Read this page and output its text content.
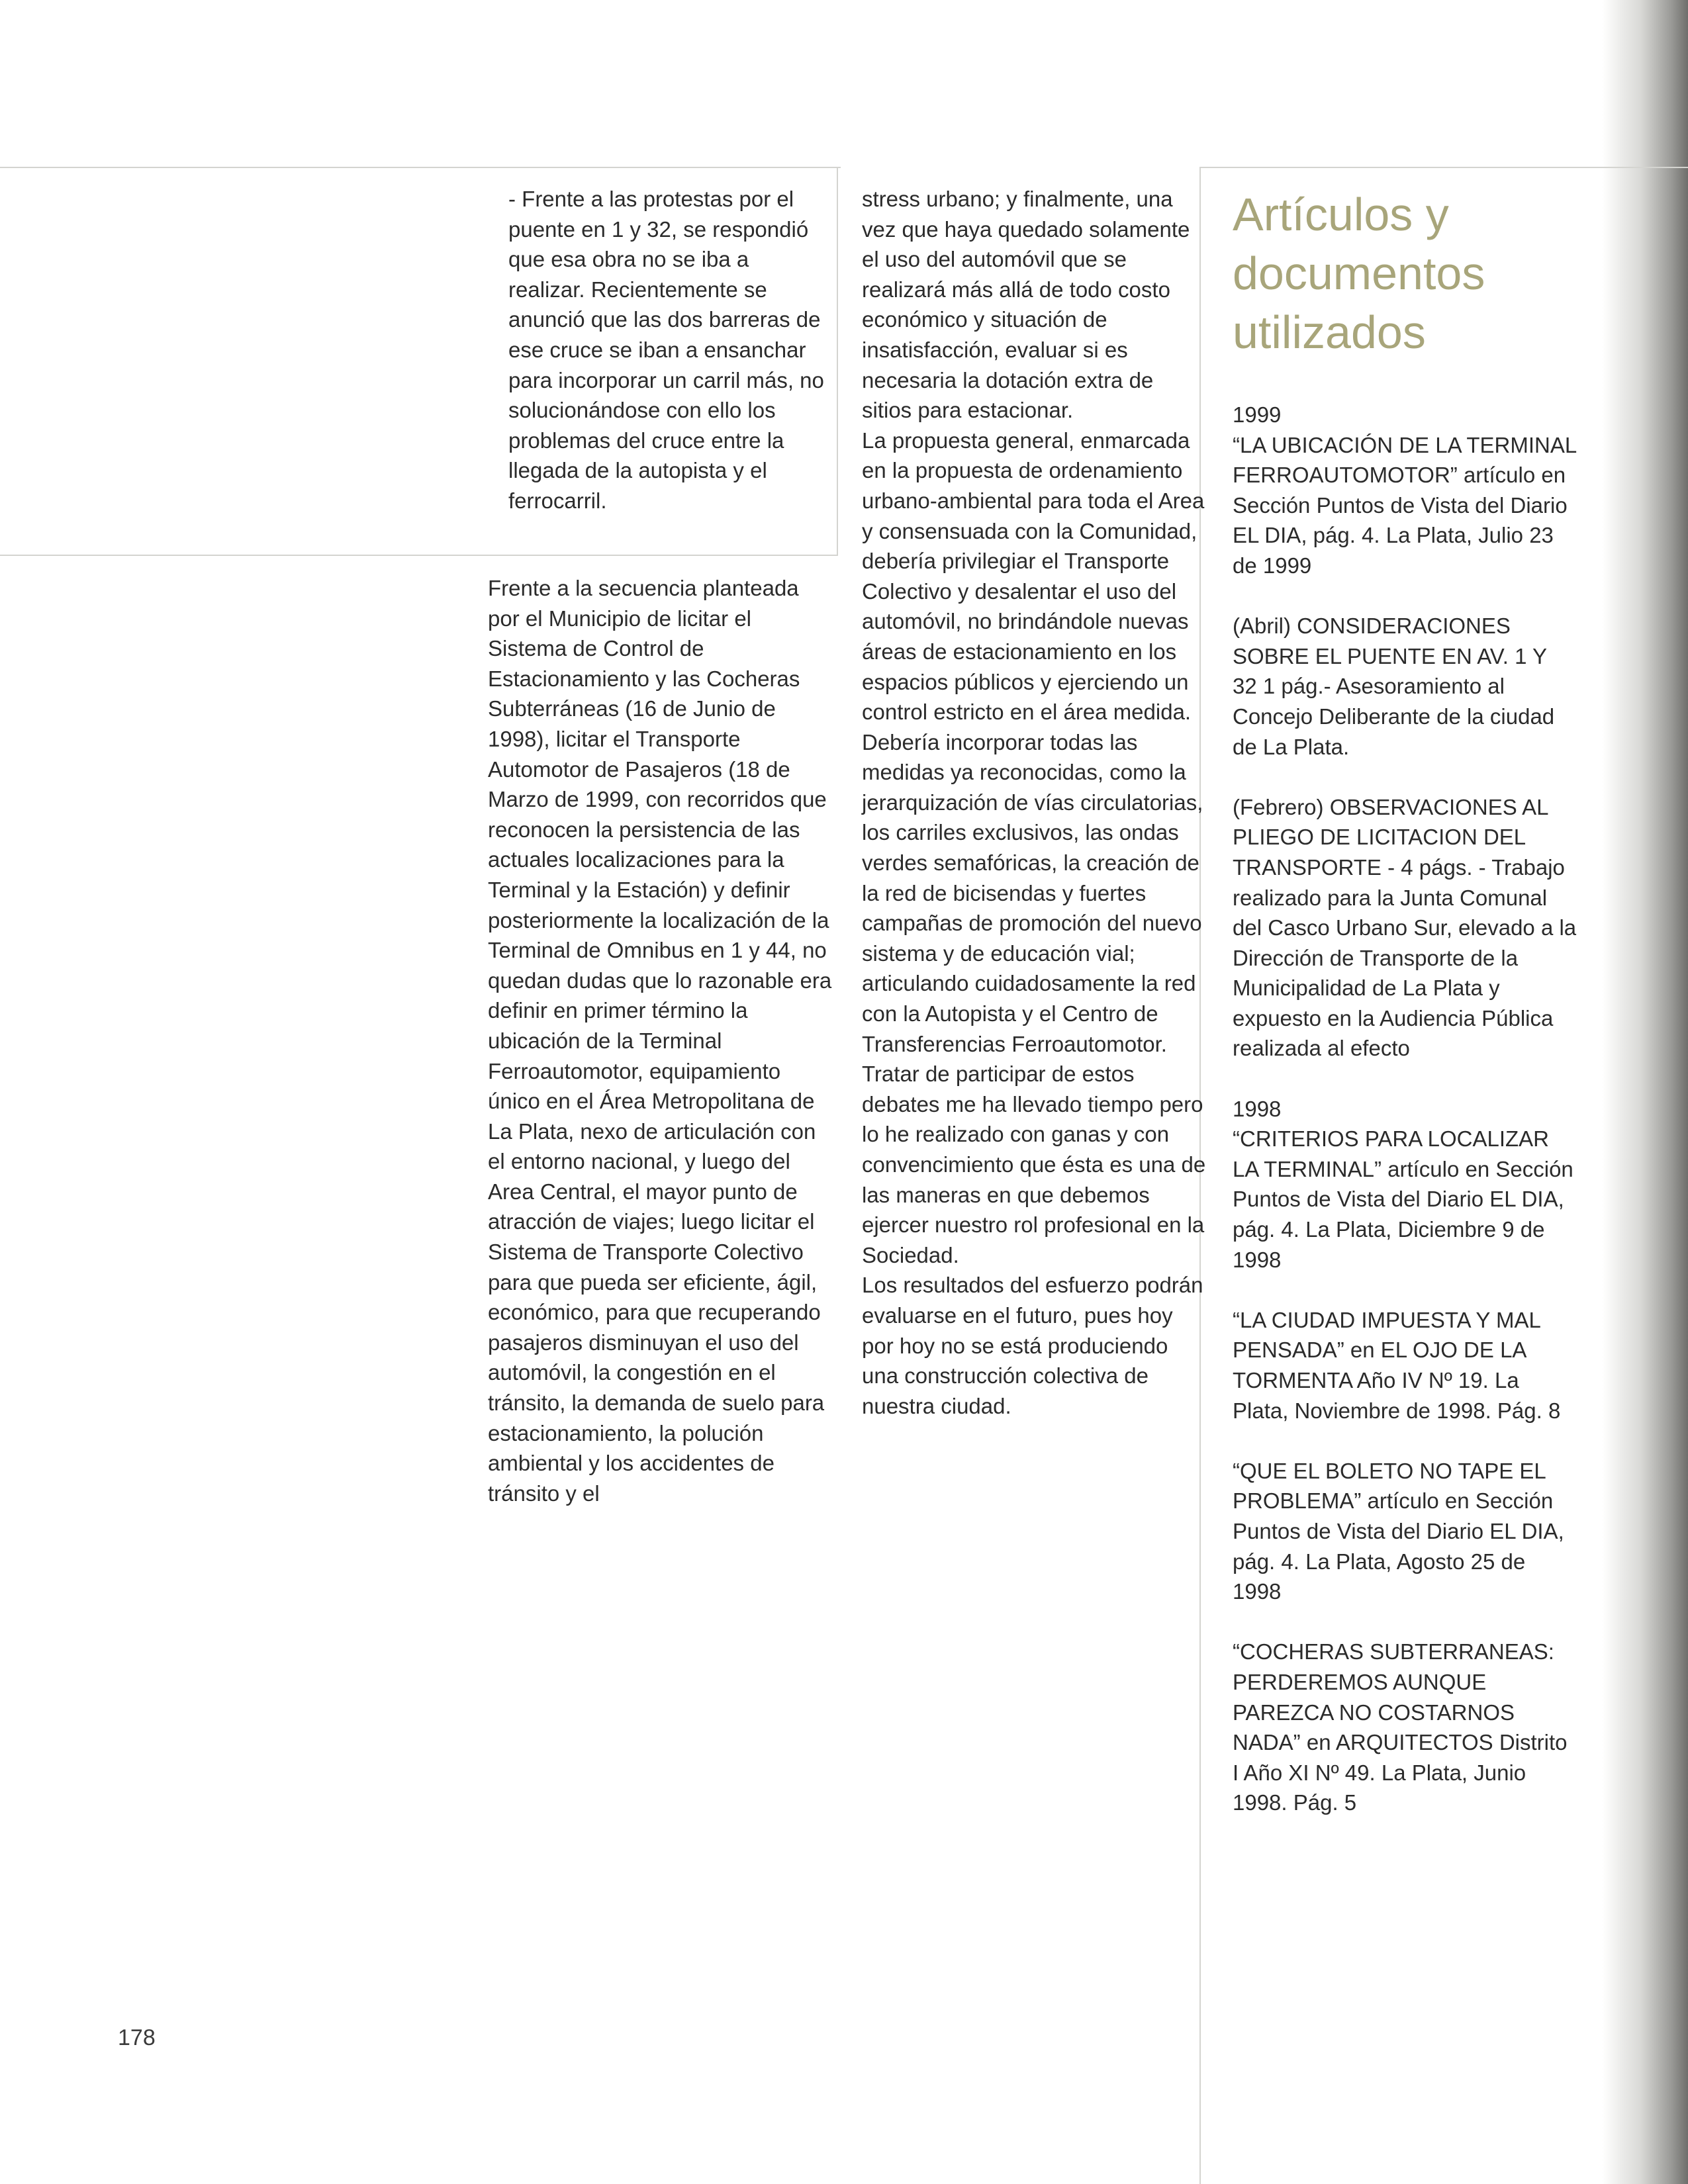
- Frente a las protestas por el puente en 1 y 32, se respondió que esa obra no se iba a realizar. Recientemente se anunció que las dos barreras de ese cruce se iban a ensanchar para incorporar un carril más, no solucionándose con ello los problemas del cruce entre la llegada de la autopista y el ferrocarril.

Frente a la secuencia planteada por el Municipio de licitar el Sistema de Control de Estacionamiento y las Cocheras Subterráneas (16 de Junio de 1998), licitar el Transporte Automotor de Pasajeros (18 de Marzo de 1999, con recorridos que reconocen la persistencia de las actuales localizaciones para la Terminal y la Estación) y definir posteriormente la localización de la Terminal de Omnibus en 1 y 44, no quedan dudas que lo razonable era definir en primer término la ubicación de la Terminal Ferroautomotor, equipamiento único en el Área Metropolitana de La Plata, nexo de articulación con el entorno nacional, y luego del Area Central, el mayor punto de atracción de viajes; luego licitar el Sistema de Transporte Colectivo para que pueda ser eficiente, ágil, económico, para que recuperando pasajeros disminuyan el uso del automóvil, la congestión en el tránsito, la demanda de suelo para estacionamiento, la polución ambiental y los accidentes de tránsito y el

stress urbano; y finalmente, una vez que haya quedado solamente el uso del automóvil que se realizará más allá de todo costo económico y situación de insatisfacción, evaluar si es necesaria la dotación extra de sitios para estacionar.

La propuesta general, enmarcada en la propuesta de ordenamiento urbano-ambiental para toda el Area y consensuada con la Comunidad, debería privilegiar el Transporte Colectivo y desalentar el uso del automóvil, no brindándole nuevas áreas de estacionamiento en los espacios públicos y ejerciendo un control estricto en el área medida. Debería incorporar todas las medidas ya reconocidas, como la jerarquización de vías circulatorias, los carriles exclusivos, las ondas verdes semafóricas, la creación de la red de bicisendas y fuertes campañas de promoción del nuevo sistema y de educación vial; articulando cuidadosamente la red con la Autopista y el Centro de Transferencias Ferroautomotor.

Tratar de participar de estos debates me ha llevado tiempo pero lo he realizado con ganas y con convencimiento que ésta es una de las maneras en que debemos ejercer nuestro rol profesional en la Sociedad.

Los resultados del esfuerzo podrán evaluarse en el futuro, pues hoy por hoy no se está produciendo una construcción colectiva de nuestra ciudad.

Artículos y documentos utilizados

1999

“LA UBICACIÓN DE LA TERMINAL FERROAUTOMOTOR” artículo en Sección Puntos de Vista del Diario EL DIA, pág. 4. La Plata, Julio 23 de 1999

(Abril) CONSIDERACIONES SOBRE EL PUENTE EN AV. 1 Y 32 1 pág.- Asesoramiento al Concejo Deliberante de la ciudad de La Plata.

(Febrero) OBSERVACIONES AL PLIEGO DE LICITACION DEL TRANSPORTE - 4 págs. - Trabajo realizado para la Junta Comunal del Casco Urbano Sur, elevado a la Dirección de Transporte de la Municipalidad de La Plata y expuesto en la Audiencia Pública realizada al efecto

1998

“CRITERIOS PARA LOCALIZAR LA TERMINAL” artículo en Sección Puntos de Vista del Diario EL DIA, pág. 4. La Plata, Diciembre 9 de 1998

“LA CIUDAD IMPUESTA Y MAL PENSADA” en EL OJO DE LA TORMENTA Año IV Nº 19. La Plata, Noviembre de 1998. Pág. 8

“QUE EL BOLETO NO TAPE EL PROBLEMA” artículo en Sección Puntos de Vista del Diario EL DIA, pág. 4. La Plata, Agosto 25 de 1998

“COCHERAS SUBTERRANEAS: PERDEREMOS AUNQUE PAREZCA NO COSTARNOS NADA” en ARQUITECTOS Distrito I Año XI Nº 49. La Plata, Junio 1998. Pág. 5

178
